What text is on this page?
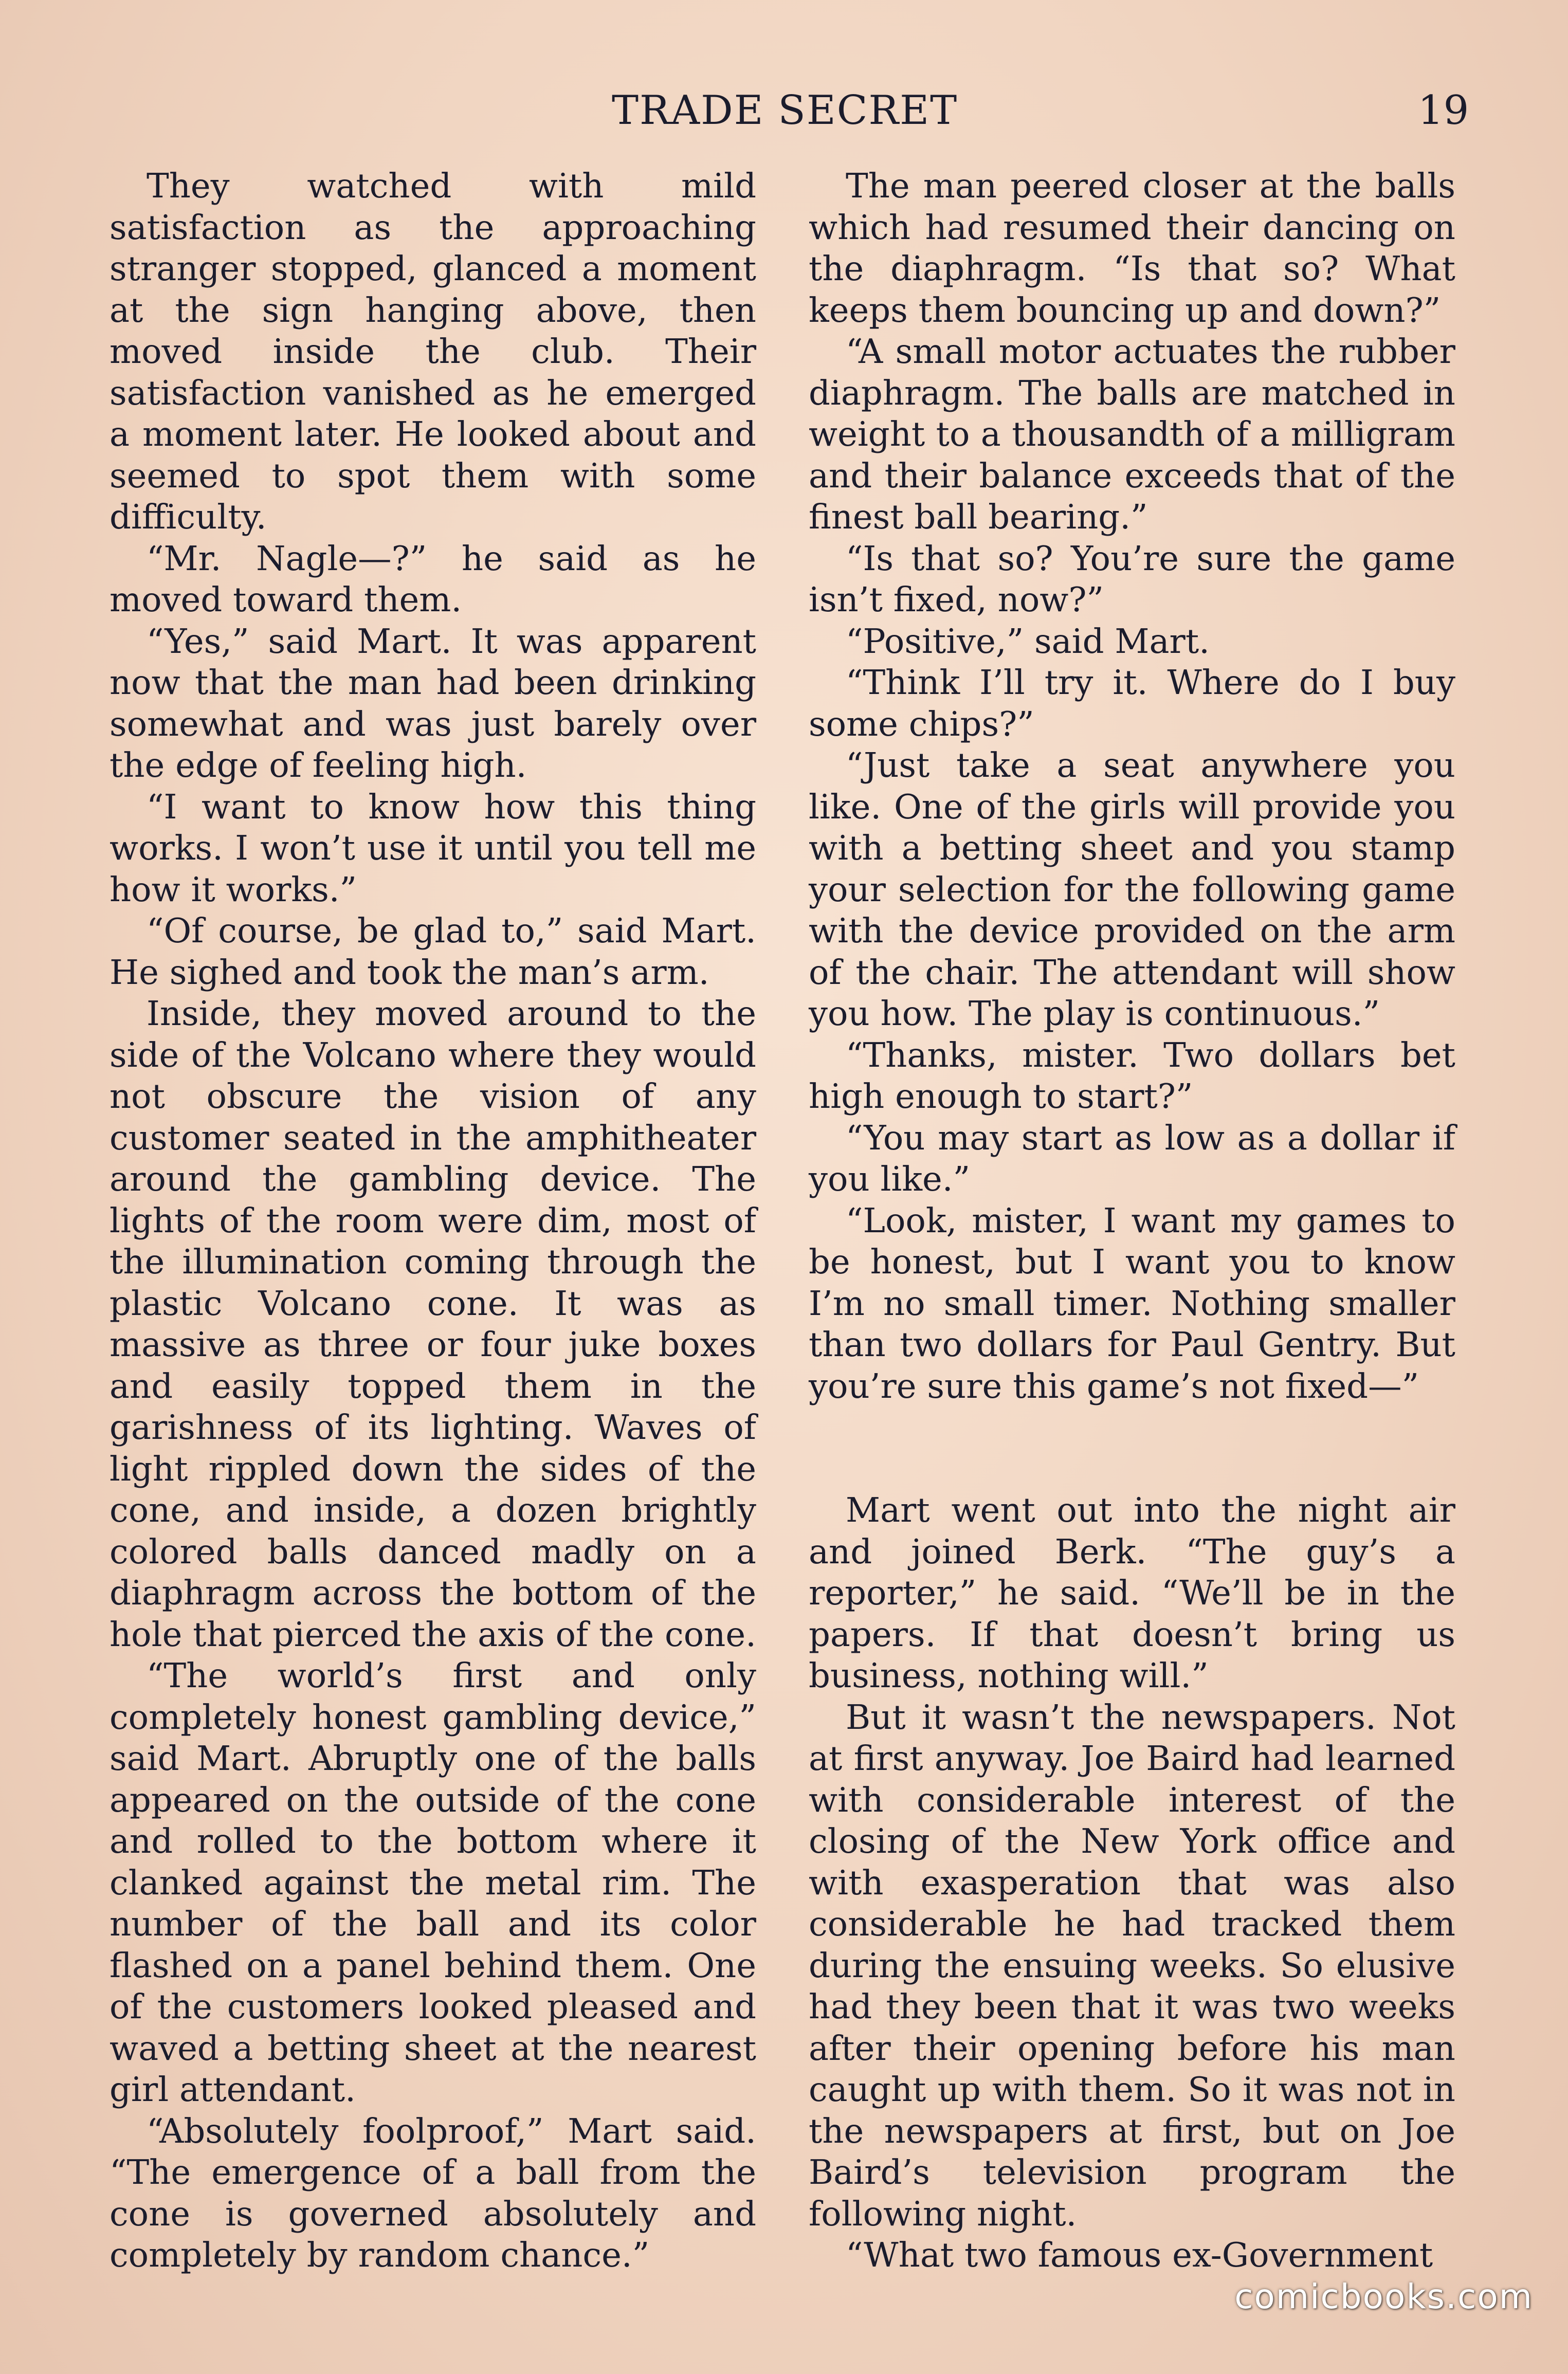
TRADE SECRET	19

They watched with mild satisfaction as the approaching stranger stopped, glanced a moment at the sign hanging above, then moved inside the club. Their satisfaction vanished as he emerged a moment later. He looked about and seemed to spot them with some difficulty.

“Mr. Nagle—?” he said as he moved toward them.

“Yes,” said Mart. It was apparent now that the man had been drinking somewhat and was just barely over the edge of feeling high.

“I want to know how this thing works. I won’t use it until you tell me how it works.”

“Of course, be glad to,” said Mart. He sighed and took the man’s arm.

Inside, they moved around to the side of the Volcano where they would not obscure the vision of any customer seated in the amphitheater around the gambling device. The lights of the room were dim, most of the illumination coming through the plastic Volcano cone. It was as massive as three or four juke boxes and easily topped them in the garishness of its lighting. Waves of light rippled down the sides of the cone, and inside, a dozen brightly colored balls danced madly on a diaphragm across the bottom of the hole that pierced the axis of the cone.

“The world’s first and only completely honest gambling device,” said Mart. Abruptly one of the balls appeared on the outside of the cone and rolled to the bottom where it clanked against the metal rim. The number of the ball and its color flashed on a panel behind them. One of the customers looked pleased and waved a betting sheet at the nearest girl attendant.

“Absolutely foolproof,” Mart said. “The emergence of a ball from the cone is governed absolutely and completely by random chance.”

The man peered closer at the balls which had resumed their dancing on the diaphragm. “Is that so? What keeps them bouncing up and down?”

“A small motor actuates the rubber diaphragm. The balls are matched in weight to a thousandth of a milligram and their balance exceeds that of the finest ball bearing.”

“Is that so? You’re sure the game isn’t fixed, now?”

“Positive,” said Mart.

“Think I’ll try it. Where do I buy some chips?”

“Just take a seat anywhere you like. One of the girls will provide you with a betting sheet and you stamp your selection for the following game with the device provided on the arm of the chair. The attendant will show you how. The play is continuous.”

“Thanks, mister. Two dollars bet high enough to start?”

“You may start as low as a dollar if you like.”

“Look, mister, I want my games to be honest, but I want you to know I’m no small timer. Nothing smaller than two dollars for Paul Gentry. But you’re sure this game’s not fixed—”

Mart went out into the night air and joined Berk. “The guy’s a reporter,” he said. “We’ll be in the papers. If that doesn’t bring us business, nothing will.”

But it wasn’t the newspapers. Not at first anyway. Joe Baird had learned with considerable interest of the closing of the New York office and with exasperation that was also considerable he had tracked them during the ensuing weeks. So elusive had they been that it was two weeks after their opening before his man caught up with them. So it was not in the newspapers at first, but on Joe Baird’s television program the following night.

“What two famous ex-Government

comicbooks.com
